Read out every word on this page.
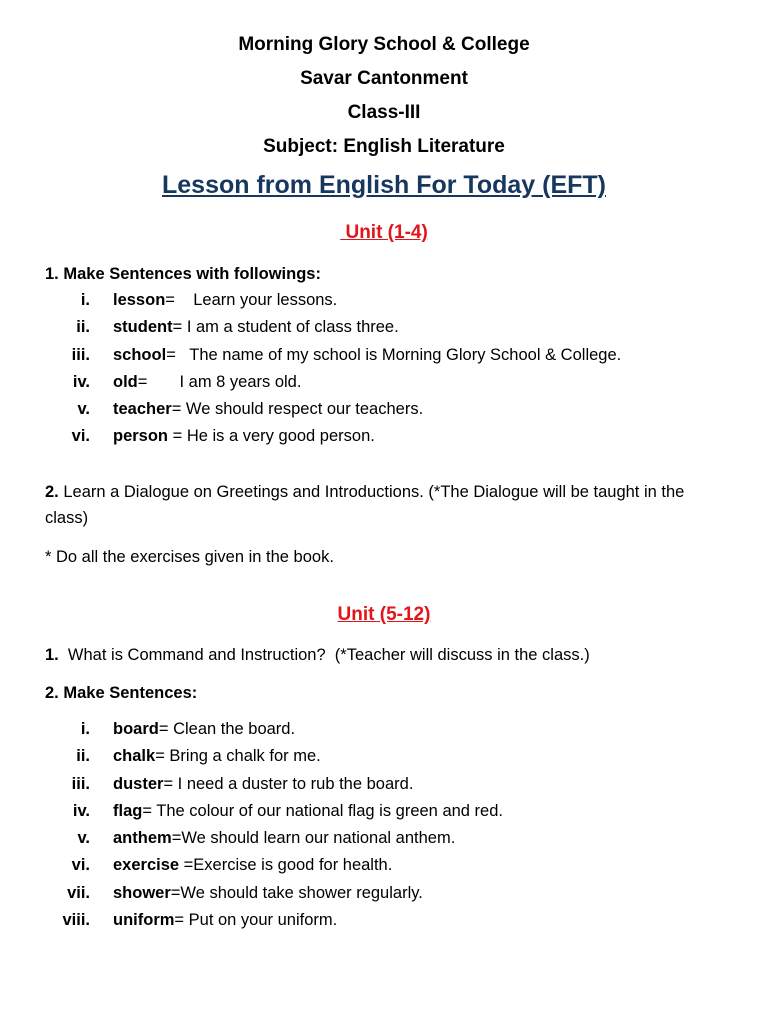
Morning Glory School & College

Savar Cantonment

Class-III

Subject: English Literature

Lesson from English For Today (EFT)

Unit (1-4)

1. Make Sentences with followings:

i. lesson=    Learn your lessons.
ii. student= I am a student of class three.
iii. school=   The name of my school is Morning Glory School & College.
iv. old=       I am 8 years old.
v. teacher= We should respect our teachers.
vi. person = He is a very good person.

2. Learn a Dialogue on Greetings and Introductions. (*The Dialogue will be taught in the class)

* Do all the exercises given in the book.

Unit (5-12)

1.  What is Command and Instruction?  (*Teacher will discuss in the class.)

2. Make Sentences:

i. board= Clean the board.
ii. chalk= Bring a chalk for me.
iii. duster= I need a duster to rub the board.
iv. flag= The colour of our national flag is green and red.
v. anthem=We should learn our national anthem.
vi. exercise =Exercise is good for health.
vii. shower=We should take shower regularly.
viii. uniform= Put on your uniform.
